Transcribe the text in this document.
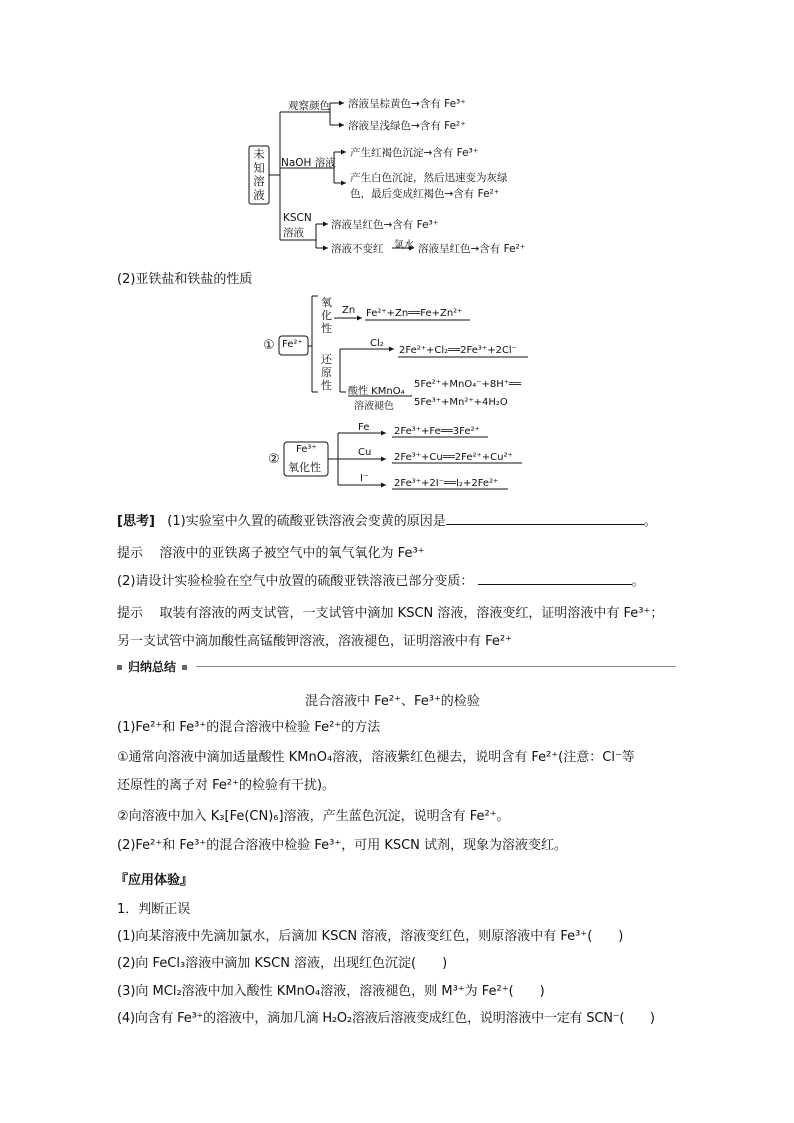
未知溶液
观察颜色 溶液呈棕黄色→含有 Fe³⁺
溶液呈浅绿色→含有 Fe²⁺
NaOH 溶液
产生红褐色沉淀→含有 Fe³⁺
产生白色沉淀，然后迅速变为灰绿
色，最后变成红褐色→含有 Fe²⁺
KSCN
溶液
溶液呈红色→含有 Fe³⁺
溶液不变红 氯水 溶液呈红色→含有 Fe²⁺
(2)亚铁盐和铁盐的性质
① Fe²⁺
氧
化
性
还
原
性
Zn Fe²⁺+Zn══Fe+Zn²⁺
Cl₂
2Fe²⁺+Cl₂══2Fe³⁺+2Cl⁻
酸性 KMnO₄
溶液褪色
5Fe²⁺+MnO₄⁻+8H⁺══
5Fe³⁺+Mn²⁺+4H₂O
②
Fe³⁺
氧化性
Fe 2Fe³⁺+Fe══3Fe²⁺
Cu 2Fe³⁺+Cu══2Fe²⁺+Cu²⁺
I⁻	2Fe³⁺+2I⁻══I₂+2Fe²⁺
[思考] (1)实验室中久置的硫酸亚铁溶液会变黄的原因是	。
提示 溶液中的亚铁离子被空气中的氧气氧化为 Fe³⁺
(2)请设计实验检验在空气中放置的硫酸亚铁溶液已部分变质：	。
提示 取装有溶液的两支试管，一支试管中滴加 KSCN 溶液，溶液变红，证明溶液中有 Fe³⁺；
另一支试管中滴加酸性高锰酸钾溶液，溶液褪色，证明溶液中有 Fe²⁺
归纳总结
混合溶液中 Fe²⁺、Fe³⁺的检验
(1)Fe²⁺和 Fe³⁺的混合溶液中检验 Fe²⁺的方法
①通常向溶液中滴加适量酸性 KMnO₄溶液，溶液紫红色褪去，说明含有 Fe²⁺(注意：Cl⁻等
还原性的离子对 Fe²⁺的检验有干扰)。
②向溶液中加入 K₃[Fe(CN)₆]溶液，产生蓝色沉淀，说明含有 Fe²⁺。
(2)Fe²⁺和 Fe³⁺的混合溶液中检验 Fe³⁺，可用 KSCN 试剂，现象为溶液变红。
『应用体验』
1．判断正误
(1)向某溶液中先滴加氯水，后滴加 KSCN 溶液，溶液变红色，则原溶液中有 Fe³⁺(　　)
(2)向 FeCl₃溶液中滴加 KSCN 溶液，出现红色沉淀(　　)
(3)向 MCl₂溶液中加入酸性 KMnO₄溶液，溶液褪色，则 M³⁺为 Fe²⁺(　　)
(4)向含有 Fe³⁺的溶液中，滴加几滴 H₂O₂溶液后溶液变成红色，说明溶液中一定有 SCN⁻(　　)
